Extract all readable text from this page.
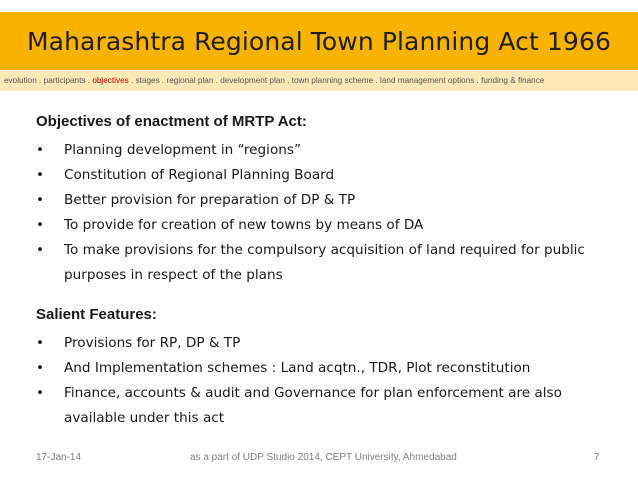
Maharashtra Regional Town Planning Act 1966
evolution . participants . objectives . stages . regional plan . development plan . town planning scheme . land management options . funding & finance
Objectives of enactment of MRTP Act:
• Planning development in “regions”
• Constitution of Regional Planning Board
• Better provision for preparation of DP & TP
• To provide for creation of new towns by means of DA
• To make provisions for the compulsory acquisition of land required for public purposes in respect of the plans
Salient Features:
• Provisions for RP, DP & TP
• And Implementation schemes : Land acqtn., TDR, Plot reconstitution
• Finance, accounts & audit and Governance for plan enforcement are also available under this act
17-Jan-14	as a part of UDP Studio 2014, CEPT University, Ahmedabad	7
